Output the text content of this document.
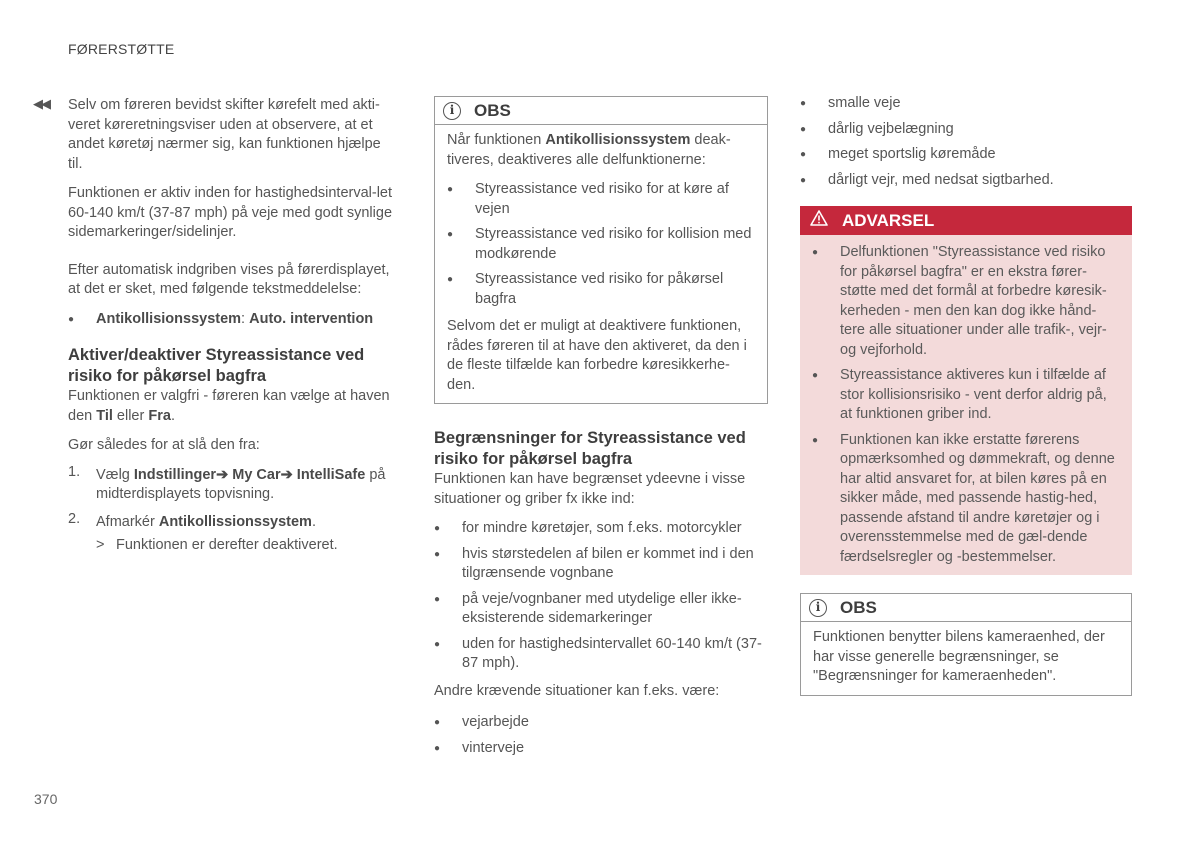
FØRERSTØTTE
◀◀ Selv om føreren bevidst skifter kørefelt med akti-veret køreretningsviser uden at observere, at et andet køretøj nærmer sig, kan funktionen hjælpe til.

Funktionen er aktiv inden for hastighedsinterval-let 60-140 km/t (37-87 mph) på veje med godt synlige sidemarkeringer/sidelinjer.

Efter automatisk indgriben vises på førerdisplayet, at det er sket, med følgende tekstmeddelelse:

● Antikollisionssystem: Auto. intervention
Aktiver/deaktiver Styreassistance ved risiko for påkørsel bagfra

Funktionen er valgfri - føreren kan vælge at haven den Til eller Fra.

Gør således for at slå den fra:

1. Vælg Indstillinger➔ My Car➔ IntelliSafe på midterdisplayets topvisning.
2. Afmarkér Antikollissionssystem.
> Funktionen er derefter deaktiveret.
i	OBS

Når funktionen Antikollisionssystem deak-tiveres, deaktiveres alle delfunktionerne:

● Styreassistance ved risiko for at køre af vejen
● Styreassistance ved risiko for kollision med modkørende
● Styreassistance ved risiko for påkørsel bagfra

Selvom det er muligt at deaktivere funktionen, rådes føreren til at have den aktiveret, da den i de fleste tilfælde kan forbedre køresikkerhe-den.

Begrænsninger for Styreassistance ved risiko for påkørsel bagfra

Funktionen kan have begrænset ydeevne i visse situationer og griber fx ikke ind:

● for mindre køretøjer, som f.eks. motorcykler
● hvis størstedelen af bilen er kommet ind i den tilgrænsende vognbane
● på veje/vognbaner med utydelige eller ikke-eksisterende sidemarkeringer
● uden for hastighedsintervallet 60-140 km/t (37-87 mph).

Andre krævende situationer kan f.eks. være:

● vejarbejde
● vinterveje
● smalle veje
● dårlig vejbelægning
● meget sportslig køremåde
● dårligt vejr, med nedsat sigtbarhed.
ADVARSEL
● Delfunktionen "Styreassistance ved risiko for påkørsel bagfra" er en ekstra fører-støtte med det formål at forbedre køresik-kerheden - men den kan dog ikke hånd-tere alle situationer under alle trafik-, vejr- og vejforhold.
● Styreassistance aktiveres kun i tilfælde af stor kollisionsrisiko - vent derfor aldrig på, at funktionen griber ind.
● Funktionen kan ikke erstatte førerens opmærksomhed og dømmekraft, og denne har altid ansvaret for, at bilen køres på en sikker måde, med passende hastig-hed, passende afstand til andre køretøjer og i overensstemmelse med de gæl-dende færdselsregler og -bestemmelser.
i	OBS

Funktionen benytter bilens kameraenhed, der har visse generelle begrænsninger, se "Begrænsninger for kameraenheden".

370
